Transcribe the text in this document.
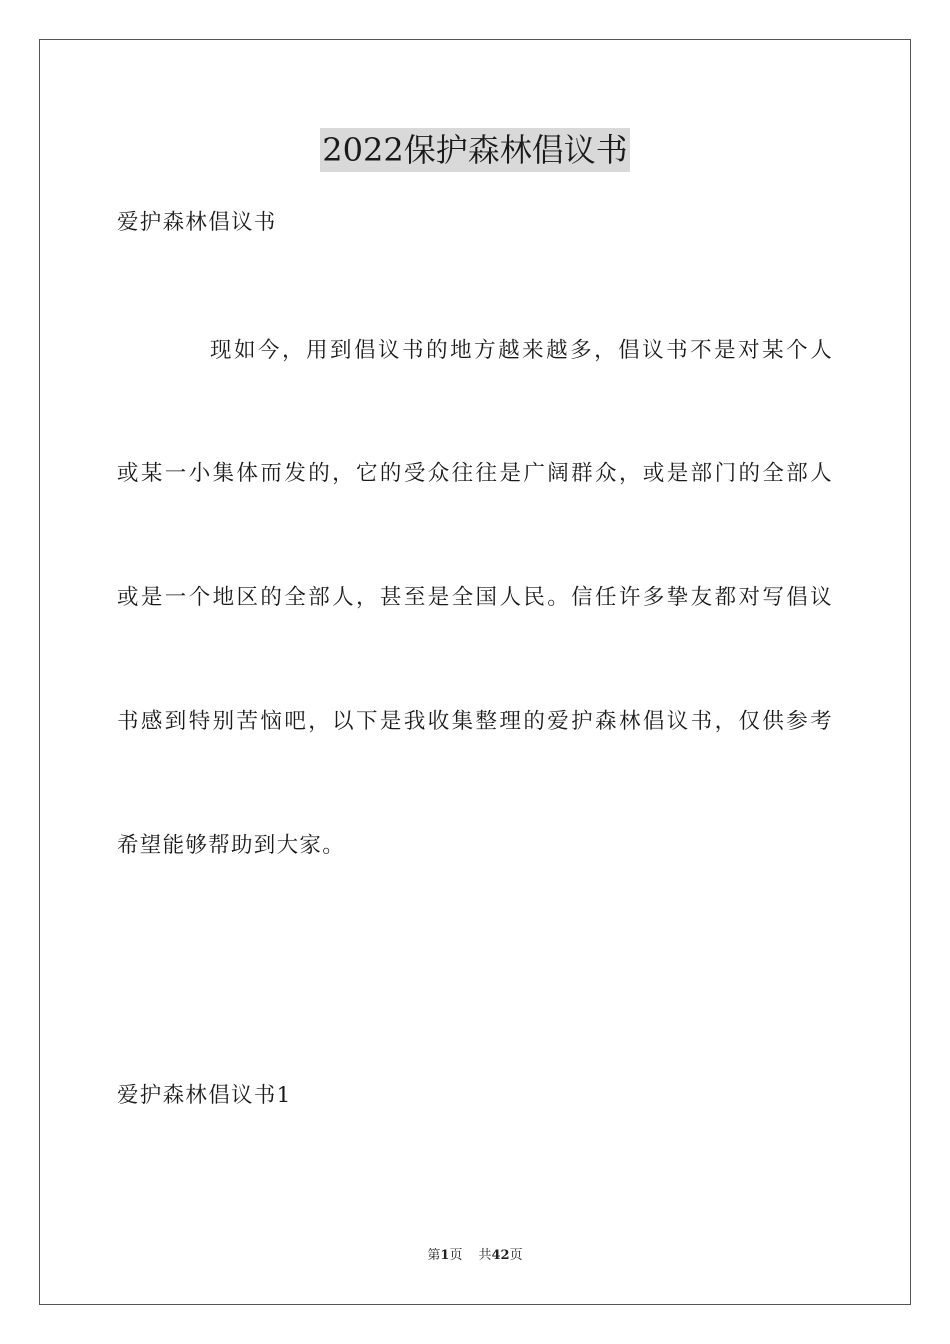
2022保护森林倡议书

爱护森林倡议书

现如今，用到倡议书的地方越来越多，倡议书不是对某个人

或某一小集体而发的，它的受众往往是广阔群众，或是部门的全部人

或是一个地区的全部人，甚至是全国人民。信任许多挚友都对写倡议

书感到特别苦恼吧，以下是我收集整理的爱护森林倡议书，仅供参考

希望能够帮助到大家。

爱护森林倡议书1

第1页 共42页
